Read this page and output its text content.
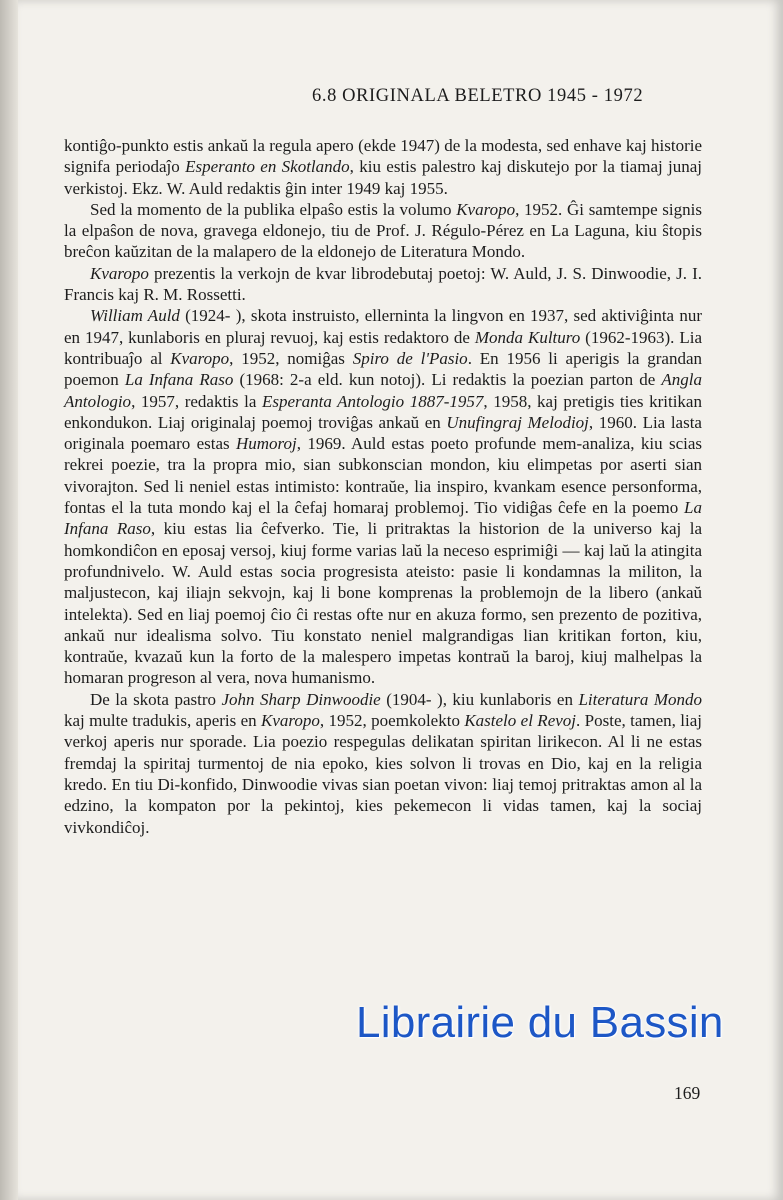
6.8 ORIGINALA BELETRO 1945 - 1972

kontiĝo-punkto estis ankaŭ la regula apero (ekde 1947) de la modesta, sed enhave kaj historie signifa periodaĵo Esperanto en Skotlando, kiu estis palestro kaj diskutejo por la tiamaj junaj verkistoj. Ekz. W. Auld redaktis ĝin inter 1949 kaj 1955.

Sed la momento de la publika elpaŝo estis la volumo Kvaropo, 1952. Ĝi samtempe signis la elpaŝon de nova, gravega eldonejo, tiu de Prof. J. Régulo-Pérez en La Laguna, kiu ŝtopis breĉon kaŭzitan de la malapero de la eldonejo de Literatura Mondo.

Kvaropo prezentis la verkojn de kvar librodebutaj poetoj: W. Auld, J. S. Dinwoodie, J. I. Francis kaj R. M. Rossetti.

William Auld (1924- ), skota instruisto, ellerninta la lingvon en 1937, sed aktiviĝinta nur en 1947, kunlaboris en pluraj revuoj, kaj estis redaktoro de Monda Kulturo (1962-1963). Lia kontribuaĵo al Kvaropo, 1952, nomiĝas Spiro de l'Pasio. En 1956 li aperigis la grandan poemon La Infana Raso (1968: 2-a eld. kun notoj). Li redaktis la poezian parton de Angla Antologio, 1957, redaktis la Esperanta Antologio 1887-1957, 1958, kaj pretigis ties kritikan enkondukon. Liaj originalaj poemoj troviĝas ankaŭ en Unufingraj Melodioj, 1960. Lia lasta originala poemaro estas Humoroj, 1969. Auld estas poeto profunde mem-analiza, kiu scias rekrei poezie, tra la propra mio, sian subkonscian mondon, kiu elimpetas por aserti sian vivorajton. Sed li neniel estas intimisto: kontraŭe, lia inspiro, kvankam esence personforma, fontas el la tuta mondo kaj el la ĉefaj homaraj problemoj. Tio vidiĝas ĉefe en la poemo La Infana Raso, kiu estas lia ĉefverko. Tie, li pritraktas la historion de la universo kaj la homkondiĉon en eposaj versoj, kiuj forme varias laŭ la neceso esprimiĝi — kaj laŭ la atingita profundnivelo. W. Auld estas socia progresista ateisto: pasie li kondamnas la militon, la maljustecon, kaj iliajn sekvojn, kaj li bone komprenas la problemojn de la libero (ankaŭ intelekta). Sed en liaj poemoj ĉio ĉi restas ofte nur en akuza formo, sen prezento de pozitiva, ankaŭ nur idealisma solvo. Tiu konstato neniel malgrandigas lian kritikan forton, kiu, kontraŭe, kvazaŭ kun la forto de la malespero impetas kontraŭ la baroj, kiuj malhelpas la homaran progreson al vera, nova humanismo.

De la skota pastro John Sharp Dinwoodie (1904- ), kiu kunlaboris en Literatura Mondo kaj multe tradukis, aperis en Kvaropo, 1952, poemkolekto Kastelo el Revoj. Poste, tamen, liaj verkoj aperis nur sporade. Lia poezio respegulas delikatan spiritan lirikecon. Al li ne estas fremdaj la spiritaj turmentoj de nia epoko, kies solvon li trovas en Dio, kaj en la religia kredo. En tiu Di-konfido, Dinwoodie vivas sian poetan vivon: liaj temoj pritraktas amon al la edzino, la kompaton por la pekintoj, kies pekemecon li vidas tamen, kaj la sociaj vivkondiĉoj.

169
Librairie du Bassin
